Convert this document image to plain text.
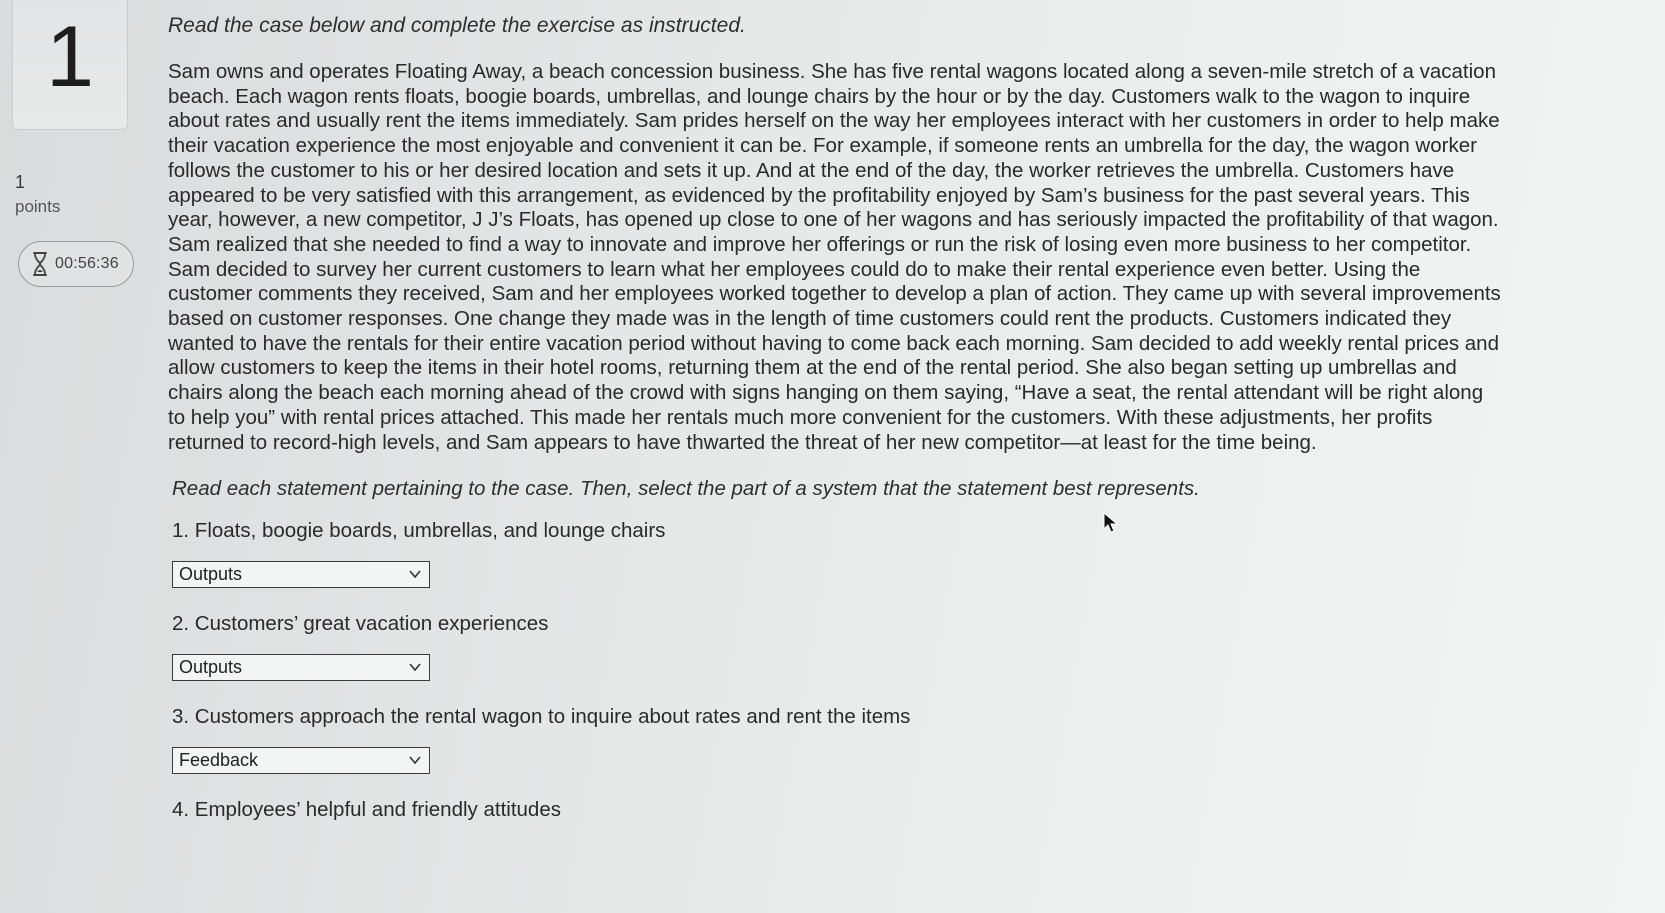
1
1
points
00:56:36

Read the case below and complete the exercise as instructed.

Sam owns and operates Floating Away, a beach concession business. She has five rental wagons located along a seven-mile stretch of a vacation beach. Each wagon rents floats, boogie boards, umbrellas, and lounge chairs by the hour or by the day. Customers walk to the wagon to inquire about rates and usually rent the items immediately. Sam prides herself on the way her employees interact with her customers in order to help make their vacation experience the most enjoyable and convenient it can be. For example, if someone rents an umbrella for the day, the wagon worker follows the customer to his or her desired location and sets it up. And at the end of the day, the worker retrieves the umbrella. Customers have appeared to be very satisfied with this arrangement, as evidenced by the profitability enjoyed by Sam’s business for the past several years. This year, however, a new competitor, J J’s Floats, has opened up close to one of her wagons and has seriously impacted the profitability of that wagon. Sam realized that she needed to find a way to innovate and improve her offerings or run the risk of losing even more business to her competitor. Sam decided to survey her current customers to learn what her employees could do to make their rental experience even better. Using the customer comments they received, Sam and her employees worked together to develop a plan of action. They came up with several improvements based on customer responses. One change they made was in the length of time customers could rent the products. Customers indicated they wanted to have the rentals for their entire vacation period without having to come back each morning. Sam decided to add weekly rental prices and allow customers to keep the items in their hotel rooms, returning them at the end of the rental period. She also began setting up umbrellas and chairs along the beach each morning ahead of the crowd with signs hanging on them saying, “Have a seat, the rental attendant will be right along to help you” with rental prices attached. This made her rentals much more convenient for the customers. With these adjustments, her profits returned to record-high levels, and Sam appears to have thwarted the threat of her new competitor—at least for the time being.

Read each statement pertaining to the case. Then, select the part of a system that the statement best represents.

1. Floats, boogie boards, umbrellas, and lounge chairs
Outputs
2. Customers’ great vacation experiences
Outputs
3. Customers approach the rental wagon to inquire about rates and rent the items
Feedback
4. Employees’ helpful and friendly attitudes
